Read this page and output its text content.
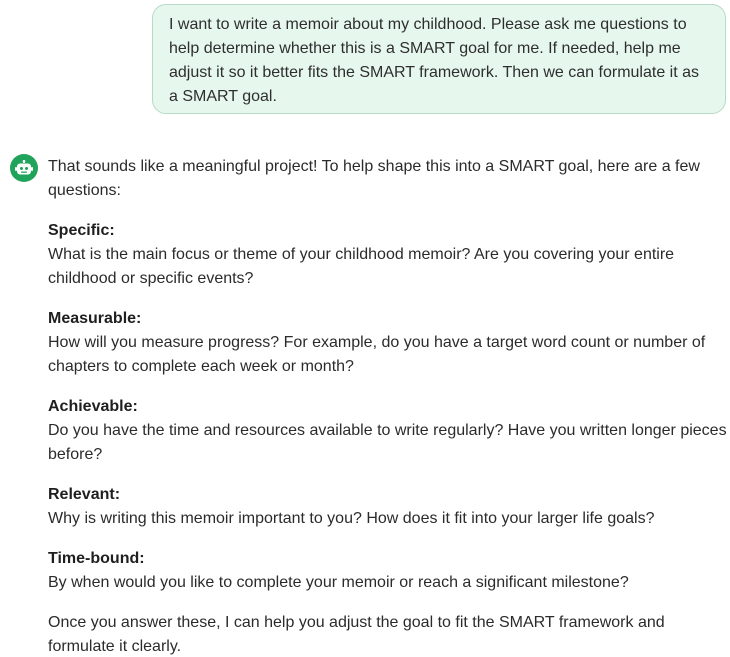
I want to write a memoir about my childhood. Please ask me questions to help determine whether this is a SMART goal for me. If needed, help me adjust it so it better fits the SMART framework. Then we can formulate it as a SMART goal.

That sounds like a meaningful project! To help shape this into a SMART goal, here are a few questions:

Specific:
What is the main focus or theme of your childhood memoir? Are you covering your entire childhood or specific events?
Measurable:
How will you measure progress? For example, do you have a target word count or number of chapters to complete each week or month?
Achievable:
Do you have the time and resources available to write regularly? Have you written longer pieces before?
Relevant:
Why is writing this memoir important to you? How does it fit into your larger life goals?
Time-bound:
By when would you like to complete your memoir or reach a significant milestone?

Once you answer these, I can help you adjust the goal to fit the SMART framework and formulate it clearly.
